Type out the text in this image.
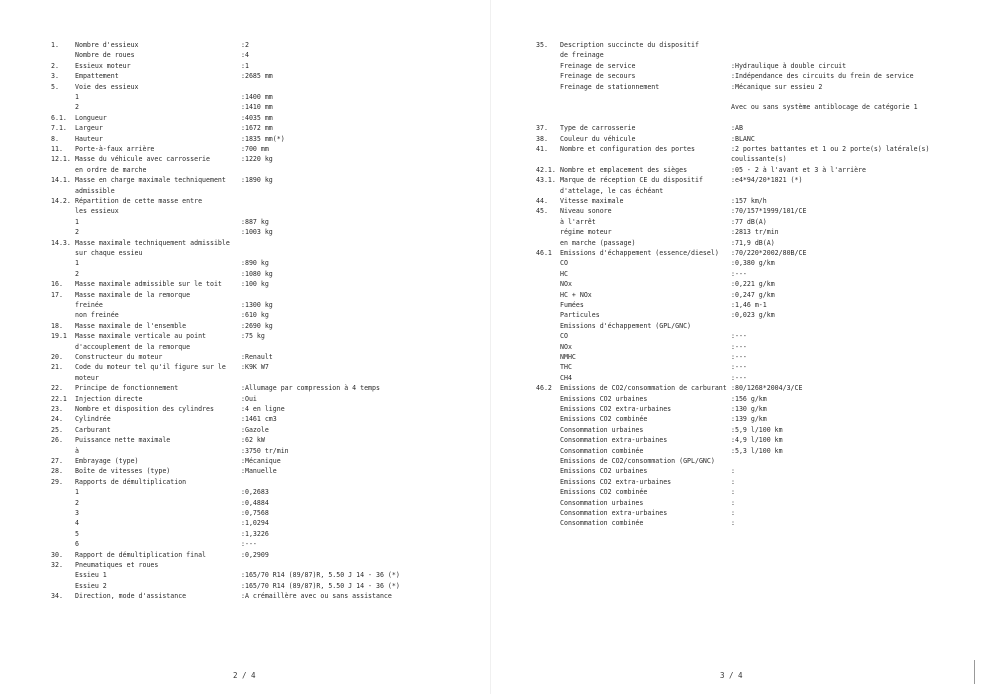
1. Nombre d'essieux	:2
Nombre de roues	:4
2. Essieux moteur	:1
3. Empattement	:2685 mm
5. Voie des essieux
1	:1400 mm
2	:1410 mm
6.1. Longueur	:4035 mm
7.1. Largeur	:1672 mm
8. Hauteur	:1835 mm(*)
11. Porte-à-faux arrière	:700 mm
12.1. Masse du véhicule avec carrosserie	:1220 kg
en ordre de marche
14.1. Masse en charge maximale techniquement :1890 kg
admissible
14.2. Répartition de cette masse entre
les essieux
1	:887 kg
2	:1003 kg
14.3. Masse maximale techniquement admissible
sur chaque essieu
1	:890 kg
2	:1080 kg
16. Masse maximale admissible sur le toit	:100 kg
17. Masse maximale de la remorque
freinée	:1300 kg
non freinée	:610 kg
18. Masse maximale de l'ensemble	:2690 kg
19.1 Masse maximale verticale au point	:75 kg
d'accouplement de la remorque
20. Constructeur du moteur	:Renault
21. Code du moteur tel qu'il figure sur le :K9K W7
moteur
22. Principe de fonctionnement	:Allumage par compression à 4 temps
22.1 Injection directe	:Oui
23. Nombre et disposition des cylindres	:4 en ligne
24. Cylindrée	:1461 cm3
25. Carburant	:Gazole
26. Puissance nette maximale	:62 kW
à	:3750 tr/min
27. Embrayage (type)	:Mécanique
28. Boîte de vitesses (type)	:Manuelle
29. Rapports de démultiplication
1	:0,2683
2	:0,4884
3	:0,7568
4	:1,0294
5	:1,3226
6	:---
30. Rapport de démultiplication final	:0,2909
32. Pneumatiques et roues
Essieu 1	:165/70 R14 (89/87)R, 5.50 J 14 - 36 (*)
Essieu 2	:165/70 R14 (89/87)R, 5.50 J 14 - 36 (*)
34. Direction, mode d'assistance	:A crémaillère avec ou sans assistance
2 / 4
35. Description succincte du dispositif
de freinage
Freinage de service	:Hydraulique à double circuit
Freinage de secours	:Indépendance des circuits du frein de service
Freinage de stationnement	:Mécanique sur essieu 2
Avec ou sans système antiblocage de catégorie 1
37. Type de carrosserie	:AB
38. Couleur du véhicule	:BLANC
41. Nombre et configuration des portes	:2 portes battantes et 1 ou 2 porte(s) latérale(s)
coulissante(s)
42.1. Nombre et emplacement des sièges	:05 - 2 à l'avant et 3 à l'arrière
43.1. Marque de réception CE du dispositif	:e4*94/20*1821 (*)
d'attelage, le cas échéant
44. Vitesse maximale	:157 km/h
45. Niveau sonore	:70/157*1999/101/CE
à l'arrêt	:77 dB(A)
régime moteur	:2813 tr/min
en marche (passage)	:71,9 dB(A)
46.1 Emissions d'échappement (essence/diesel) :70/220*2002/80B/CE
CO	:0,380 g/km
HC	:---
NOx	:0,221 g/km
HC + NOx	:0,247 g/km
Fumées	:1,46 m-1
Particules	:0,023 g/km
Emissions d'échappement (GPL/GNC)
CO	:---
NOx	:---
NMHC	:---
THC	:---
CH4	:---
46.2 Emissions de CO2/consommation de carburant :80/1268*2004/3/CE
Emissions CO2 urbaines	:156 g/km
Emissions CO2 extra-urbaines	:130 g/km
Emissions CO2 combinée	:139 g/km
Consommation urbaines	:5,9 l/100 km
Consommation extra-urbaines	:4,9 l/100 km
Consommation combinée	:5,3 l/100 km
Emissions de CO2/consommation (GPL/GNC)
Emissions CO2 urbaines	:
Emissions CO2 extra-urbaines	:
Emissions CO2 combinée	:
Consommation urbaines	:
Consommation extra-urbaines	:
Consommation combinée	:
3 / 4
